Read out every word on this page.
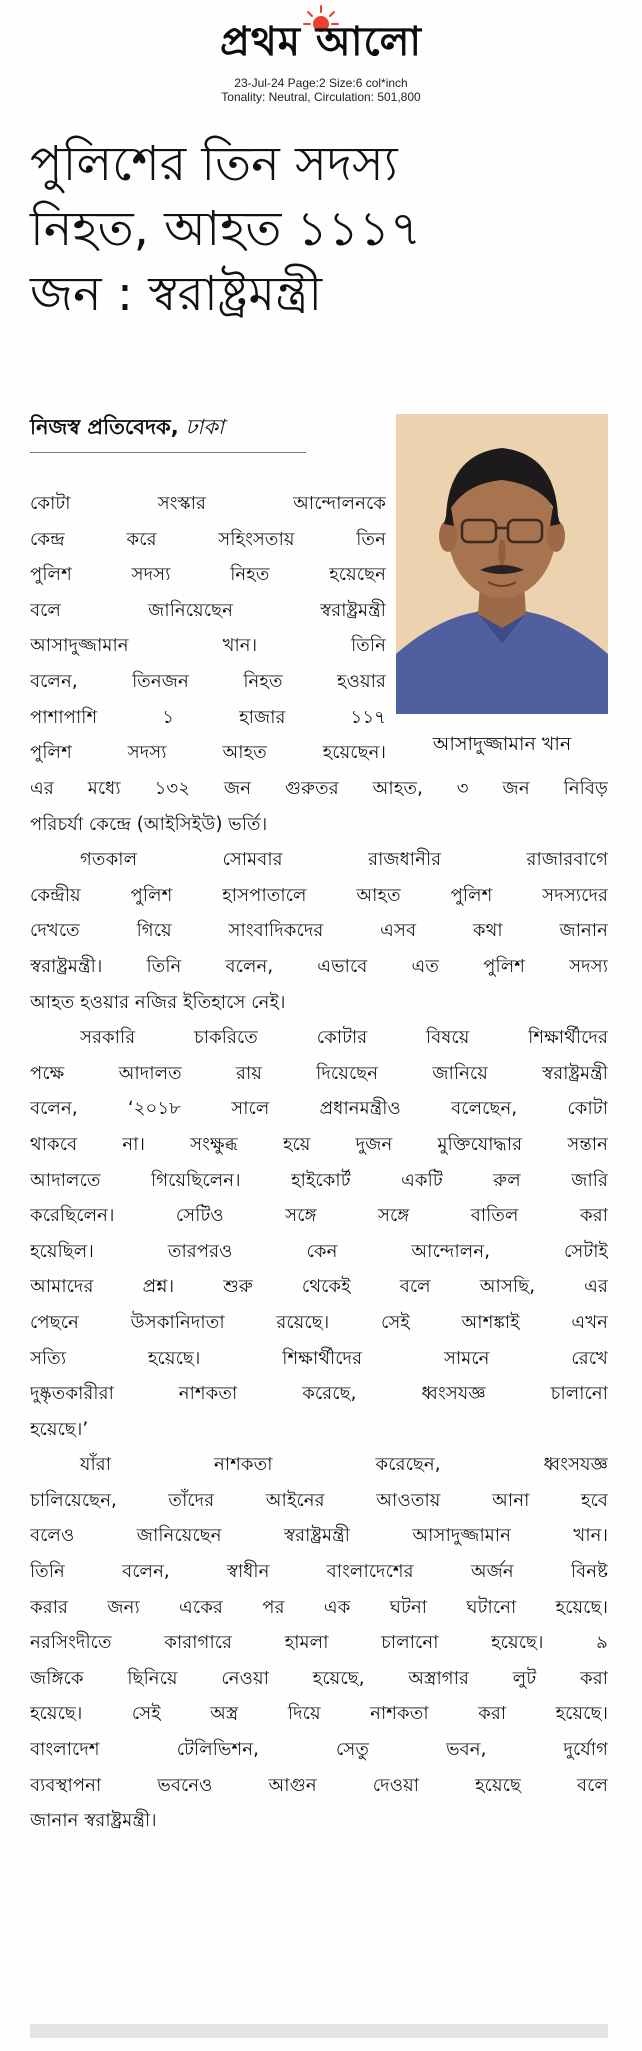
প্রথম আলো
23-Jul-24 Page:2 Size:6 col*inch
Tonality: Neutral, Circulation: 501,800
পুলিশের তিন সদস্য
নিহত, আহত ১১১৭
জন : স্বরাষ্ট্রমন্ত্রী
নিজস্ব প্রতিবেদক, ঢাকা
আসাদুজ্জামান খান
কোটা সংস্কার আন্দোলনকে
কেন্দ্র করে সহিংসতায় তিন
পুলিশ সদস্য নিহত হয়েছেন
বলে জানিয়েছেন স্বরাষ্ট্রমন্ত্রী
আসাদুজ্জামান খান। তিনি
বলেন, তিনজন নিহত হওয়ার
পাশাপাশি ১ হাজার ১১৭
পুলিশ সদস্য আহত হয়েছেন।
এর মধ্যে ১৩২ জন গুরুতর আহত, ৩ জন নিবিড়
পরিচর্যা কেন্দ্রে (আইসিইউ) ভর্তি।
গতকাল সোমবার রাজধানীর রাজারবাগে
কেন্দ্রীয় পুলিশ হাসপাতালে আহত পুলিশ সদস্যদের
দেখতে গিয়ে সাংবাদিকদের এসব কথা জানান
স্বরাষ্ট্রমন্ত্রী। তিনি বলেন, এভাবে এত পুলিশ সদস্য
আহত হওয়ার নজির ইতিহাসে নেই।
সরকারি চাকরিতে কোটার বিষয়ে শিক্ষার্থীদের
পক্ষে আদালত রায় দিয়েছেন জানিয়ে স্বরাষ্ট্রমন্ত্রী
বলেন, ‘২০১৮ সালে প্রধানমন্ত্রীও বলেছেন, কোটা
থাকবে না। সংক্ষুব্ধ হয়ে দুজন মুক্তিযোদ্ধার সন্তান
আদালতে গিয়েছিলেন। হাইকোর্ট একটি রুল জারি
করেছিলেন। সেটিও সঙ্গে সঙ্গে বাতিল করা
হয়েছিল। তারপরও কেন আন্দোলন, সেটাই
আমাদের প্রশ্ন। শুরু থেকেই বলে আসছি, এর
পেছনে উসকানিদাতা রয়েছে। সেই আশঙ্কাই এখন
সত্যি হয়েছে। শিক্ষার্থীদের সামনে রেখে
দুষ্কৃতকারীরা নাশকতা করেছে, ধ্বংসযজ্ঞ চালানো
হয়েছে।’
যাঁরা নাশকতা করেছেন, ধ্বংসযজ্ঞ
চালিয়েছেন, তাঁদের আইনের আওতায় আনা হবে
বলেও জানিয়েছেন স্বরাষ্ট্রমন্ত্রী আসাদুজ্জামান খান।
তিনি বলেন, স্বাধীন বাংলাদেশের অর্জন বিনষ্ট
করার জন্য একের পর এক ঘটনা ঘটানো হয়েছে।
নরসিংদীতে কারাগারে হামলা চালানো হয়েছে। ৯
জঙ্গিকে ছিনিয়ে নেওয়া হয়েছে, অস্ত্রাগার লুট করা
হয়েছে। সেই অস্ত্র দিয়ে নাশকতা করা হয়েছে।
বাংলাদেশ টেলিভিশন, সেতু ভবন, দুর্যোগ
ব্যবস্থাপনা ভবনেও আগুন দেওয়া হয়েছে বলে
জানান স্বরাষ্ট্রমন্ত্রী।
